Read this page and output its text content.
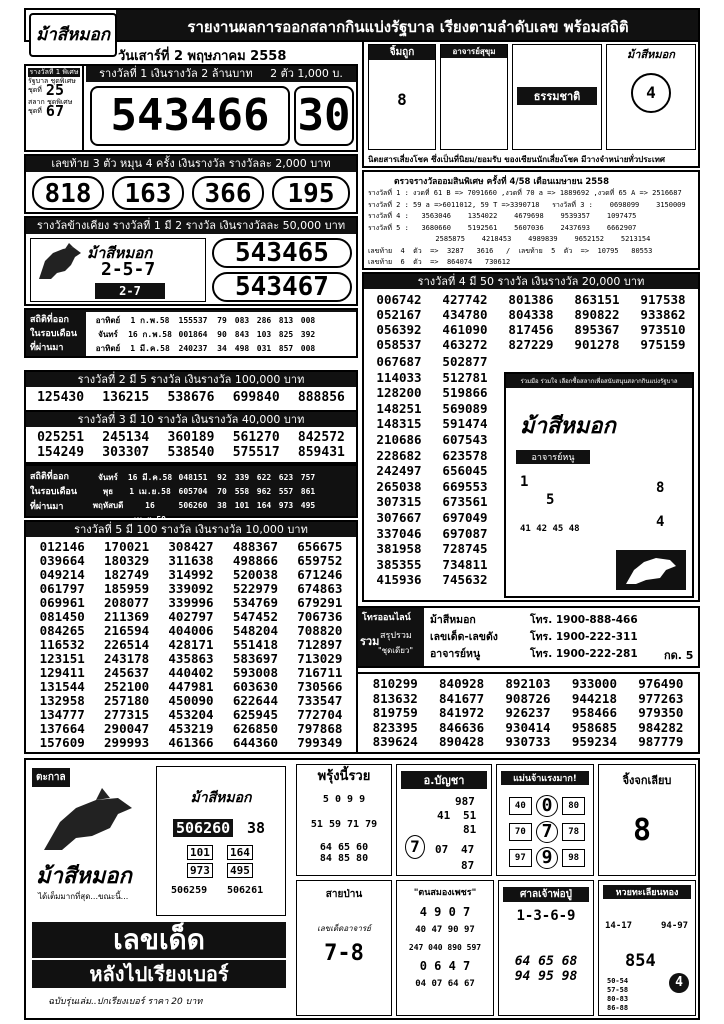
ม้าสีหมอก	รายงานผลการออกสลากกินแบ่งรัฐบาล เรียงตามลำดับเลข พร้อมสถิติ
วันเสาร์ที่ 2 พฤษภาคม 2558
รางวัลที่ 1 เงินรางวัล 2 ล้านบาท 2 ตัว 1,000 บ.
รางวัลที่ 1 พิเศษ
รัฐบาล ชุดพิเศษ
ชุดที่ 25
สลาก ชุดพิเศษ
ชุดที่ 67	543466 30
เลขท้าย 3 ตัว หมุน 4 ครั้ง เงินรางวัล รางวัลละ 2,000 บาท
818	163	366	195
รางวัลข้างเคียง รางวัลที่ 1 มี 2 รางวัล เงินรางวัลละ 50,000 บาท
ม้าสีหมอก
2-5-7
2-7
543465
543467
สถิติที่ออก
ในรอบเดือน
ที่ผ่านมา
อาทิตย์	1 ก.พ.58	155537	79 083 286 813 008
จันทร์	16 ก.พ.58 001864	90 843 103 825 392
อาทิตย์	1 มี.ค.58	240237	34 498 031 857 008
รางวัลที่ 2 มี 5 รางวัล เงินรางวัล 100,000 บาท
125430	136215	538676	699840	888856
รางวัลที่ 3 มี 10 รางวัล เงินรางวัล 40,000 บาท
025251	245134	360189	561270	842572
154249	303307	538540	575517	859431
สถิติที่ออก
ในรอบเดือน
ที่ผ่านมา
จันทร์	16 มี.ค.58 048151	92 339 622 623 757
พุธ	1 เม.ย.58 605704	70 558 962 557 861
พฤหัสบดี	16	506260	38 101 164 973 495
รางวัลที่ 5 มี 100 รางวัล เงินรางวัล 10,000 บาท
012146	170021	308427	488367	656675
039664	180329	311638	498866	659752
049214	182749	314992	520038	671246
061797	185959	339092	522979	674863
069961	208077	339996	534769	679291
081450	211369	402797	547452	706736
084265	216594	404006	548204	708820
116532	226514	428171	551418	712897
123151	243178	435863	583697	713029
129411	245637	440402	593008	716711
131544	252100	447981	603630	730566
132958	257180	450090	622644	733547
134777	277315	453204	625945	772704
137664	290047	453219	626850	797868
157609	299993	461366	644360	799349
810299	840928	892103	933000	976490
813632	841677	908726	944218	977263
819759	841972	926237	958466	979350
823395	846636	930414	958685	984282
839624	890428	930733	959234	987779
จิ้มถูก
8
อาจารย์สุขุม
ธรรมชาติ
ม้าสีหมอก
4
นิตยสารเสี่ยงโชค ซึ่งเป็นที่นิยม/ยอมรับ ของเซียนนักเสี่ยงโชค มีวางจำหน่ายทั่วประเทศ
ตรวจรางวัลออมสินพิเศษ ครั้งที่ 4/58 เดือนเมษายน 2558
รางวัลที่ 1 : งวดที่ 61 B => 7091660 ,งวดที่ 70 a => 1889692 ,งวดที่ 65 A => 2516687
รางวัลที่ 2 : 59 a =>6011012, 59 T =>3390718   รางวัลที่ 3 :    0698099    3150009
รางวัลที่ 4 :   3563046    1354022    4679698    9539357    1097475
รางวัลที่ 5 :   3680660    5192561    5607036    2437693    6662907
2585875    4218453    4989839    9652152    5213154
เลขท้าย  4  ตัว  =>  3287   3616   /  เลขท้าย  5  ตัว  =>  10795   80553
เลขท้าย  6  ตัว  =>  864074   730612
รางวัลที่ 4 มี 50 รางวัล เงินรางวัล 20,000 บาท
006742	427742	801386	863151	917538
052167	434780	804338	890822	933862
056392	461090	817456	895367	973510
058537	463272	827229	901278	975159
067687	502877
114033	512781
128200	519866
148251	569089
148315	591474
210686	607543
228682	623578
242497	656045
265038	669553
307315	673561
307667	697049
337046	697087
381958	728745
385355	734811
415936	745632
ร่วมมือ ร่วมใจ เลือกซื้อสลากเพื่อสนับสนุนสลากกินแบ่งรัฐบาล
ม้าสีหมอก
อาจารย์หนู
1
5
8
4
41 42 45 48
โทรออนไลน์
รวม สรุปรวม
"ชุดเดียว"
ม้าสีหมอก	โทร. 1900-888-466
เลขเด็ด-เลขดัง	โทร. 1900-222-311
อาจารย์หนู	โทร. 1900-222-281 กด. 5
ตะกาล
ม้าสีหมอก
ได้เต็มมากที่สุด...ขณะนี้...
ม้าสีหมอก
506260 38
101 164
973 495
506259 506261
เลขเด็ด
หลังไปเรียงเบอร์
ฉบับรุ่นเล่ม..ปกเรียงเบอร์ ราคา 20 บาท
พรุ้งนี้รวย
5 0 9 9
51 59 71 79
64 65 60
84 85 80
อ.บัญชา
987
41 51
81
7	07 47
87
แม่นจ้าแรงมาก!
40 0	80
70 7	78
97 9	98
จิ้งจกเลียบ
8
สายป่าน
เลขเด็ดอาจารย์
7-8
"ตนสมองเพชร"
4 9 0 7
40 47 90 97
247 040 890 597
0 6 4 7
04 07 64 67
ศาลเจ้าพ่อปู่
1-3-6-9
64 65 68
94 95 98
หวยทะเลียนทอง
14-17	94-97
854
4
50-54
57-58
80-83
86-88
